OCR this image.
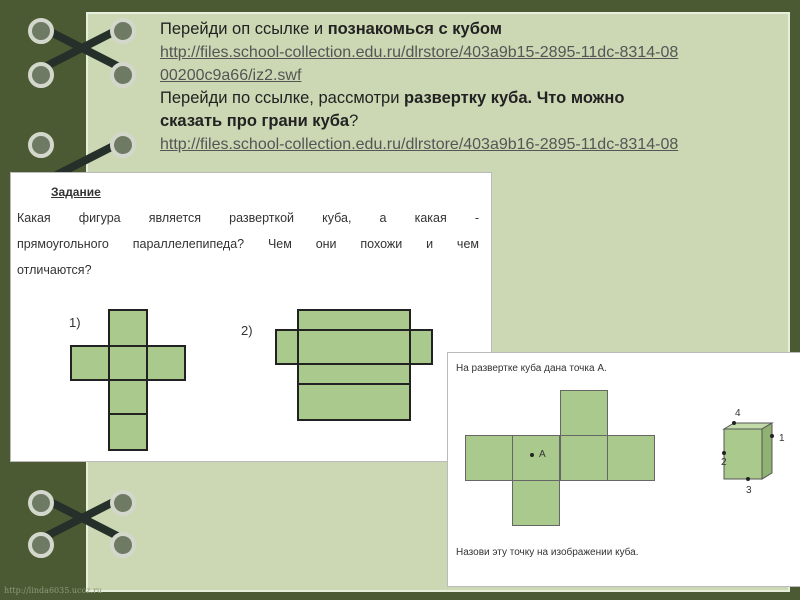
Перейди оп ссылке и познакомься с кубом
http://files.school-collection.edu.ru/dlrstore/403a9b15-2895-11dc-8314-08
00200c9a66/iz2.swf
Перейди по ссылке, рассмотри развертку куба. Что можно
сказать про грани куба?
http://files.school-collection.edu.ru/dlrstore/403a9b16-2895-11dc-8314-08
Задание
Какая фигура является разверткой куба, а какая -
прямоугольного параллелепипеда? Чем они похожи и чем
отличаются?
1)
2)
На развертке куба дана точка А.
А
4
1
2
3
Назови эту точку на изображении куба.
http://linda6035.ucoz.ru
